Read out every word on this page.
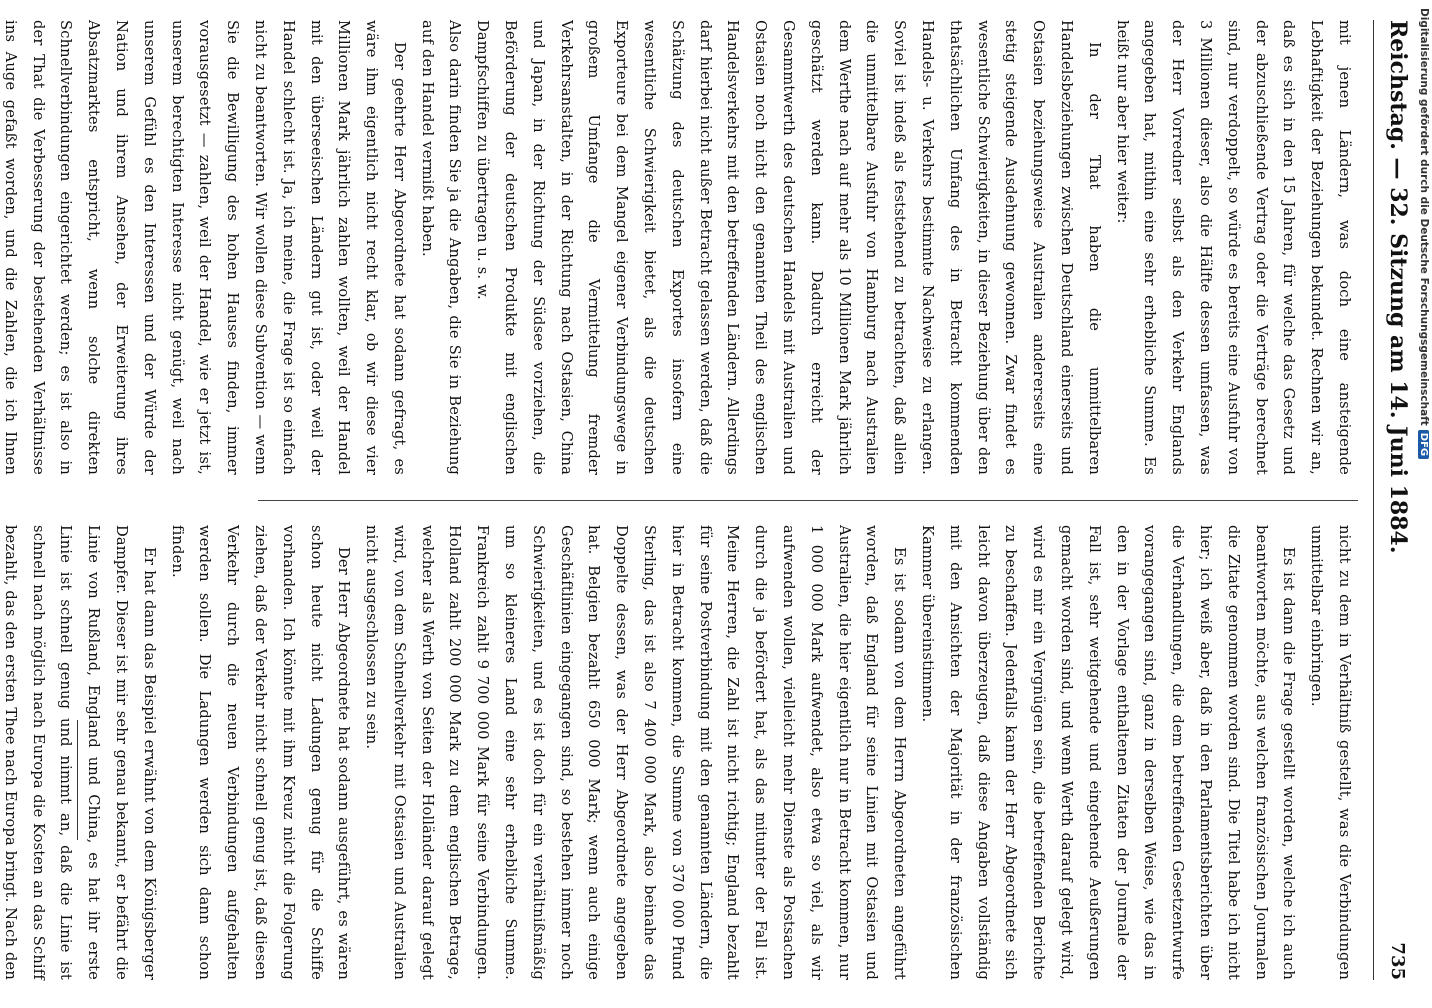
Reichstag. — 32. Sitzung am 14. Juni 1884.
735

mit jenen Ländern, was doch eine ansteigende Lebhaftigkeit der Beziehungen bekundet. Rechnen wir an, daß es sich in den 15 Jahren, für welche das Gesetz und der abzuschließende Vertrag oder die Verträge berechnet sind, nur verdoppelt, so würde es bereits eine Ausfuhr von 3 Millionen dieser, also die Hälfte dessen umfassen, was der Herr Vorredner selbst als den Verkehr Englands angegeben hat, mithin eine sehr erhebliche Summe. Es heißt nur aber hier weiter:

In der That haben die unmittelbaren Handelsbeziehungen zwischen Deutschland einerseits und Ostasien beziehungsweise Australien andererseits eine stetig steigende Ausdehnung gewonnen. Zwar findet es wesentliche Schwierigkeiten, in dieser Beziehung über den thatsächlichen Umfang des in Betracht kommenden Handels- u. Verkehrs bestimmte Nachweise zu erlangen. Soviel ist indeß als feststehend zu betrachten, daß allein die unmittelbare Ausfuhr von Hamburg nach Australien dem Werthe nach auf mehr als 10 Millionen Mark jährlich geschätzt werden kann. Dadurch erreicht der Gesammtwerth des deutschen Handels mit Australien und Ostasien noch nicht den genannten Theil des englischen Handelsverkehrs mit den betreffenden Ländern. Allerdings darf hierbei nicht außer Betracht gelassen werden, daß die Schätzung des deutschen Exportes insofern eine wesentliche Schwierigkeit bietet, als die deutschen Exporteure bei dem Mangel eigener Verbindungswege in großem Umfange die Vermittelung fremder Verkehrsanstalten, in der Richtung nach Ostasien, China und Japan, in der Richtung der Südsee vorziehen, die Beförderung der deutschen Produkte mit englischen Dampfschiffen zu übertragen u. s. w.

Also darin finden Sie ja die Angaben, die Sie in Beziehung auf den Handel vermißt haben.

Der geehrte Herr Abgeordnete hat sodann gefragt, es wäre ihm eigentlich nicht recht klar, ob wir diese vier Millionen Mark jährlich zahlen wollten, weil der Handel mit den überseeischen Ländern gut ist, oder weil der Handel schlecht ist. Ja, ich meine, die Frage ist so einfach nicht zu beantworten. Wir wollen diese Subvention — wenn Sie die Bewilligung des hohen Hauses finden, immer vorausgesetzt — zahlen, weil der Handel, wie er jetzt ist, unserem berechtigten Interesse nicht genügt, weil nach unserem Gefühl es den Interessen und der Würde der Nation und ihrem Ansehen, der Erweiterung ihres Absatzmarktes entspricht, wenn solche direkten Schnellverbindungen eingerichtet werden; es ist also in der That die Verbesserung der bestehenden Verhältnisse ins Auge gefaßt worden, und die Zahlen, die ich Ihnen

nicht zu dem in Verhältniß gestellt, was die Verbindungen unmittelbar einbringen.

Es ist dann die Frage gestellt worden, welche ich auch beantworten möchte, aus welchen französischen Journalen die Zitate genommen worden sind. Die Titel habe ich nicht hier; ich weiß aber, daß in den Parlamentsberichten über die Verhandlungen, die dem betreffenden Gesetzentwurfe vorangegangen sind, ganz in derselben Weise, wie das in den in der Vorlage enthaltenen Zitaten der Journale der Fall ist, sehr weitgehende und eingehende Aeußerungen gemacht worden sind, und wenn Werth darauf gelegt wird, wird es mir ein Vergnügen sein, die betreffenden Berichte zu beschaffen. Jedenfalls kann der Herr Abgeordnete sich leicht davon überzeugen, daß diese Angaben vollständig mit den Ansichten der Majorität in der französischen Kammer übereinstimmen.

Es ist sodann von dem Herrn Abgeordneten angeführt worden, daß England für seine Linien mit Ostasien und Australien, die hier eigentlich nur in Betracht kommen, nur 1 000 000 Mark aufwendet, also etwa so viel, als wir aufwenden wollen, vielleicht mehr Dienste als Postsachen durch die ja befördert hat, als das mitunter der Fall ist. Meine Herren, die Zahl ist nicht richtig; England bezahlt für seine Postverbindung mit den genannten Ländern, die hier in Betracht kommen, die Summe von 370 000 Pfund Sterling, das ist also 7 400 000 Mark, also beinahe das Doppelte dessen, was der Herr Abgeordnete angegeben hat. Belgien bezahlt 650 000 Mark; wenn auch einige Geschäftlinien eingegangen sind, so bestehen immer noch Schwierigkeiten, und es ist doch für ein verhältnißmäßig um so kleineres Land eine sehr erhebliche Summe. Frankreich zahlt 9 700 000 Mark für seine Verbindungen. Holland zahlt 200 000 Mark zu dem englischen Betrage, welcher als Werth von Seiten der Holländer darauf gelegt wird, von dem Schnellverkehr mit Ostasien und Australien nicht ausgeschlossen zu sein.

Der Herr Abgeordnete hat sodann ausgeführt, es wären schon heute nicht Ladungen genug für die Schiffe vorhanden. Ich könnte mit ihm Kreuz nicht die Folgerung ziehen, daß der Verkehr nicht schnell genug ist, daß diesen Verkehr durch die neuen Verbindungen aufgehalten werden sollen. Die Ladungen werden sich dann schon finden.

Er hat dann das Beispiel erwähnt von dem Königsberger Dampfer. Dieser ist mir sehr genau bekannt, er befährt die Linie von Rußland, England und China, es hat ihr erste Linie ist schnell genug und nimmt an, daß die Linie ist schnell nach möglich nach Europa die Kosten an das Schiff bezahlt, das den ersten Thee nach Europa bringt. Nach den

Digitalisierung gefördert durch die Deutsche ForschungsgemeinschaftDFG
